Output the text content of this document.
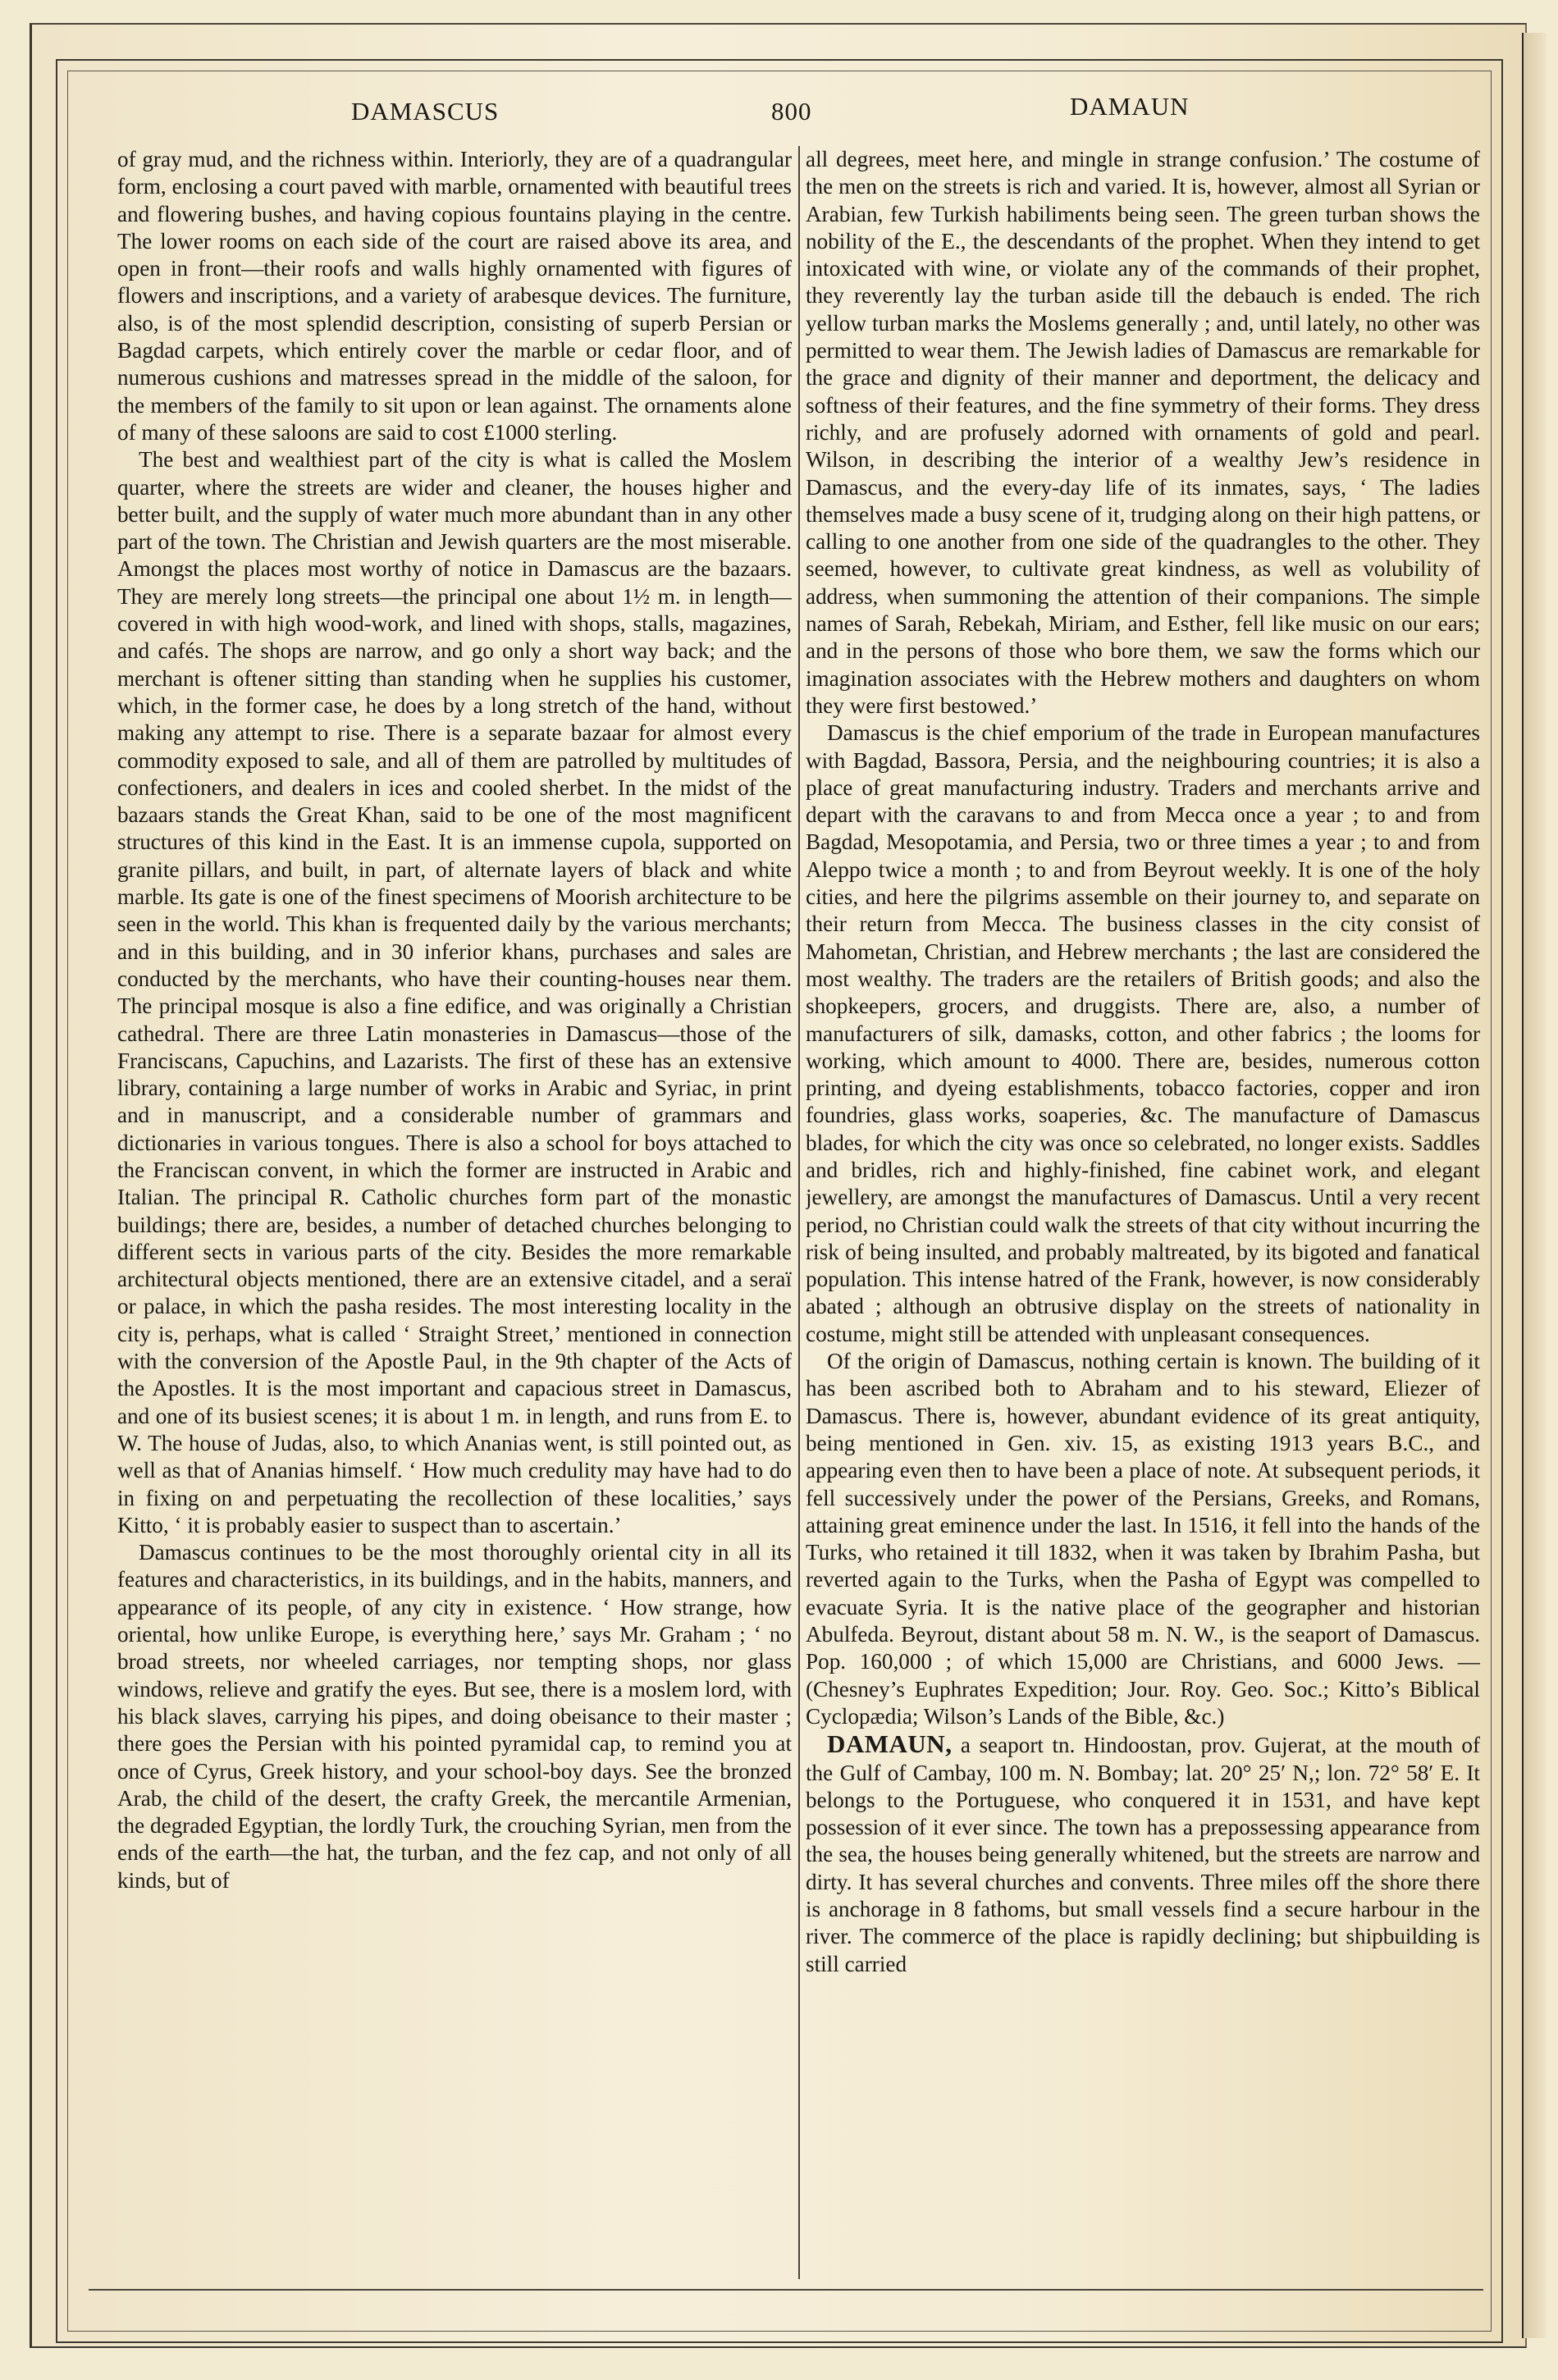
DAMASCUS	800	DAMAUN

of gray mud, and the richness within. Interiorly, they are of a quadrangular form, enclosing a court paved with marble, ornamented with beautiful trees and flowering bushes, and having copious fountains playing in the centre. The lower rooms on each side of the court are raised above its area, and open in front—their roofs and walls highly ornamented with figures of flowers and inscriptions, and a variety of arabesque devices. The furniture, also, is of the most splendid description, consisting of superb Persian or Bagdad carpets, which entirely cover the marble or cedar floor, and of numerous cushions and matresses spread in the middle of the saloon, for the members of the family to sit upon or lean against. The ornaments alone of many of these saloons are said to cost £1000 sterling.

The best and wealthiest part of the city is what is called the Moslem quarter, where the streets are wider and cleaner, the houses higher and better built, and the supply of water much more abundant than in any other part of the town. The Christian and Jewish quarters are the most miserable. Amongst the places most worthy of notice in Damascus are the bazaars. They are merely long streets—the principal one about 1½ m. in length—covered in with high wood-work, and lined with shops, stalls, magazines, and cafés. The shops are narrow, and go only a short way back; and the merchant is oftener sitting than standing when he supplies his customer, which, in the former case, he does by a long stretch of the hand, without making any attempt to rise. There is a separate bazaar for almost every commodity exposed to sale, and all of them are patrolled by multitudes of confectioners, and dealers in ices and cooled sherbet. In the midst of the bazaars stands the Great Khan, said to be one of the most magnificent structures of this kind in the East. It is an immense cupola, supported on granite pillars, and built, in part, of alternate layers of black and white marble. Its gate is one of the finest specimens of Moorish architecture to be seen in the world. This khan is frequented daily by the various merchants; and in this building, and in 30 inferior khans, purchases and sales are conducted by the merchants, who have their counting-houses near them. The principal mosque is also a fine edifice, and was originally a Christian cathedral. There are three Latin monasteries in Damascus—those of the Franciscans, Capuchins, and Lazarists. The first of these has an extensive library, containing a large number of works in Arabic and Syriac, in print and in manuscript, and a considerable number of grammars and dictionaries in various tongues. There is also a school for boys attached to the Franciscan convent, in which the former are instructed in Arabic and Italian. The principal R. Catholic churches form part of the monastic buildings; there are, besides, a number of detached churches belonging to different sects in various parts of the city. Besides the more remarkable architectural objects mentioned, there are an extensive citadel, and a seraï or palace, in which the pasha resides. The most interesting locality in the city is, perhaps, what is called ‘ Straight Street,’ mentioned in connection with the conversion of the Apostle Paul, in the 9th chapter of the Acts of the Apostles. It is the most important and capacious street in Damascus, and one of its busiest scenes; it is about 1 m. in length, and runs from E. to W. The house of Judas, also, to which Ananias went, is still pointed out, as well as that of Ananias himself. ‘ How much credulity may have had to do in fixing on and perpetuating the recollection of these localities,’ says Kitto, ‘ it is probably easier to suspect than to ascertain.’

Damascus continues to be the most thoroughly oriental city in all its features and characteristics, in its buildings, and in the habits, manners, and appearance of its people, of any city in existence. ‘ How strange, how oriental, how unlike Europe, is everything here,’ says Mr. Graham ; ‘ no broad streets, nor wheeled carriages, nor tempting shops, nor glass windows, relieve and gratify the eyes. But see, there is a moslem lord, with his black slaves, carrying his pipes, and doing obeisance to their master ; there goes the Persian with his pointed pyramidal cap, to remind you at once of Cyrus, Greek history, and your school-boy days. See the bronzed Arab, the child of the desert, the crafty Greek, the mercantile Armenian, the degraded Egyptian, the lordly Turk, the crouching Syrian, men from the ends of the earth—the hat, the turban, and the fez cap, and not only of all kinds, but of

all degrees, meet here, and mingle in strange confusion.’ The costume of the men on the streets is rich and varied. It is, however, almost all Syrian or Arabian, few Turkish habiliments being seen. The green turban shows the nobility of the E., the descendants of the prophet. When they intend to get intoxicated with wine, or violate any of the commands of their prophet, they reverently lay the turban aside till the debauch is ended. The rich yellow turban marks the Moslems generally ; and, until lately, no other was permitted to wear them. The Jewish ladies of Damascus are remarkable for the grace and dignity of their manner and deportment, the delicacy and softness of their features, and the fine symmetry of their forms. They dress richly, and are profusely adorned with ornaments of gold and pearl. Wilson, in describing the interior of a wealthy Jew’s residence in Damascus, and the every-day life of its inmates, says, ‘ The ladies themselves made a busy scene of it, trudging along on their high pattens, or calling to one another from one side of the quadrangles to the other. They seemed, however, to cultivate great kindness, as well as volubility of address, when summoning the attention of their companions. The simple names of Sarah, Rebekah, Miriam, and Esther, fell like music on our ears; and in the persons of those who bore them, we saw the forms which our imagination associates with the Hebrew mothers and daughters on whom they were first bestowed.’

Damascus is the chief emporium of the trade in European manufactures with Bagdad, Bassora, Persia, and the neighbouring countries; it is also a place of great manufacturing industry. Traders and merchants arrive and depart with the caravans to and from Mecca once a year ; to and from Bagdad, Mesopotamia, and Persia, two or three times a year ; to and from Aleppo twice a month ; to and from Beyrout weekly. It is one of the holy cities, and here the pilgrims assemble on their journey to, and separate on their return from Mecca. The business classes in the city consist of Mahometan, Christian, and Hebrew merchants ; the last are considered the most wealthy. The traders are the retailers of British goods; and also the shopkeepers, grocers, and druggists. There are, also, a number of manufacturers of silk, damasks, cotton, and other fabrics ; the looms for working, which amount to 4000. There are, besides, numerous cotton printing, and dyeing establishments, tobacco factories, copper and iron foundries, glass works, soaperies, &c. The manufacture of Damascus blades, for which the city was once so celebrated, no longer exists. Saddles and bridles, rich and highly-finished, fine cabinet work, and elegant jewellery, are amongst the manufactures of Damascus. Until a very recent period, no Christian could walk the streets of that city without incurring the risk of being insulted, and probably maltreated, by its bigoted and fanatical population. This intense hatred of the Frank, however, is now considerably abated ; although an obtrusive display on the streets of nationality in costume, might still be attended with unpleasant consequences.

Of the origin of Damascus, nothing certain is known. The building of it has been ascribed both to Abraham and to his steward, Eliezer of Damascus. There is, however, abundant evidence of its great antiquity, being mentioned in Gen. xiv. 15, as existing 1913 years B.C., and appearing even then to have been a place of note. At subsequent periods, it fell successively under the power of the Persians, Greeks, and Romans, attaining great eminence under the last. In 1516, it fell into the hands of the Turks, who retained it till 1832, when it was taken by Ibrahim Pasha, but reverted again to the Turks, when the Pasha of Egypt was compelled to evacuate Syria. It is the native place of the geographer and historian Abulfeda. Beyrout, distant about 58 m. N. W., is the seaport of Damascus. Pop. 160,000 ; of which 15,000 are Christians, and 6000 Jews. —(Chesney’s Euphrates Expedition; Jour. Roy. Geo. Soc.; Kitto’s Biblical Cyclopædia; Wilson’s Lands of the Bible, &c.)

DAMAUN, a seaport tn. Hindoostan, prov. Gujerat, at the mouth of the Gulf of Cambay, 100 m. N. Bombay; lat. 20° 25′ N,; lon. 72° 58′ E. It belongs to the Portuguese, who conquered it in 1531, and have kept possession of it ever since. The town has a prepossessing appearance from the sea, the houses being generally whitened, but the streets are narrow and dirty. It has several churches and convents. Three miles off the shore there is anchorage in 8 fathoms, but small vessels find a secure harbour in the river. The commerce of the place is rapidly declining; but shipbuilding is still carried
